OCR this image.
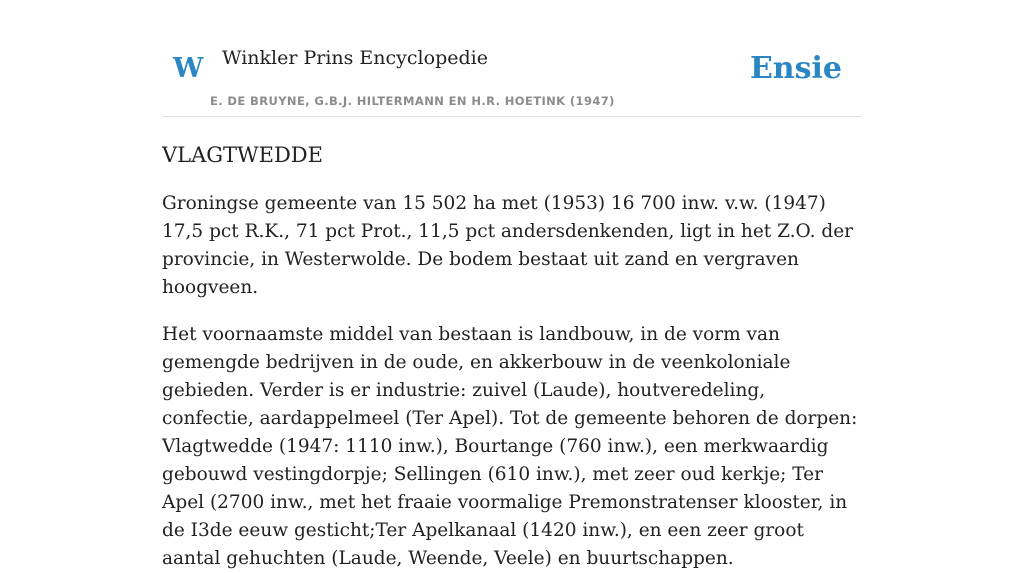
W Winkler Prins Encyclopedie
E. DE BRUYNE, G.B.J. HILTERMANN EN H.R. HOETINK (1947)
Ensie
VLAGTWEDDE

Groningse gemeente van 15 502 ha met (1953) 16 700 inw. v.w. (1947) 17,5 pct R.K., 71 pct Prot., 11,5 pct andersdenkenden, ligt in het Z.O. der provincie, in Westerwolde. De bodem bestaat uit zand en vergraven hoogveen.

Het voornaamste middel van bestaan is landbouw, in de vorm van gemengde bedrijven in de oude, en akkerbouw in de veenkoloniale gebieden. Verder is er industrie: zuivel (Laude), houtveredeling, confectie, aardappelmeel (Ter Apel). Tot de gemeente behoren de dorpen: Vlagtwedde (1947: 1110 inw.), Bourtange (760 inw.), een merkwaardig gebouwd vestingdorpje; Sellingen (610 inw.), met zeer oud kerkje; Ter Apel (2700 inw., met het fraaie voormalige Premonstratenser klooster, in de I3de eeuw gesticht;Ter Apelkanaal (1420 inw.), en een zeer groot aantal gehuchten (Laude, Weende, Veele) en buurtschappen.
